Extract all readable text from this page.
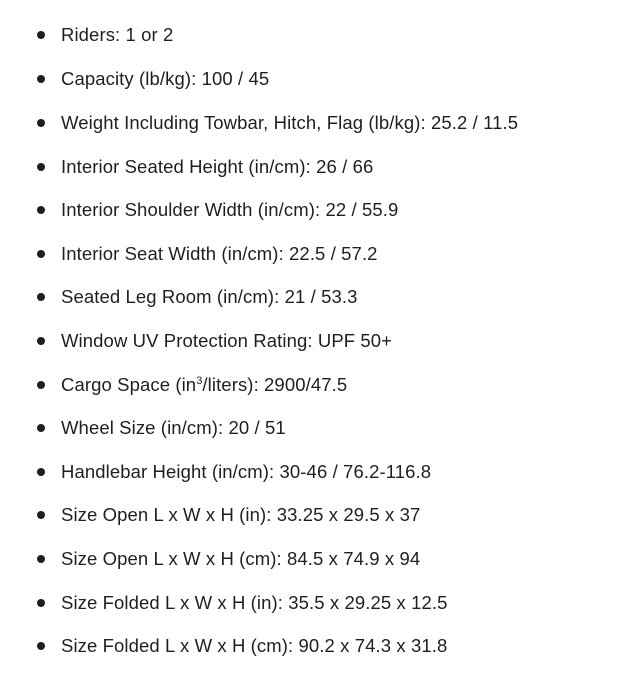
Riders: 1 or 2
Capacity (lb/kg): 100 / 45
Weight Including Towbar, Hitch, Flag (lb/kg): 25.2 / 11.5
Interior Seated Height (in/cm): 26 / 66
Interior Shoulder Width (in/cm): 22 / 55.9
Interior Seat Width (in/cm): 22.5 / 57.2
Seated Leg Room (in/cm): 21 / 53.3
Window UV Protection Rating: UPF 50+
Cargo Space $(in^3/liters)$: 2900/47.5
Wheel Size (in/cm): 20 / 51
Handlebar Height (in/cm): 30-46 / 76.2-116.8
Size Open L x W x H (in): 33.25 x 29.5 x 37
Size Open L x W x H (cm): 84.5 x 74.9 x 94
Size Folded L x W x H (in): 35.5 x 29.25 x 12.5
Size Folded L x W x H (cm): 90.2 x 74.3 x 31.8
